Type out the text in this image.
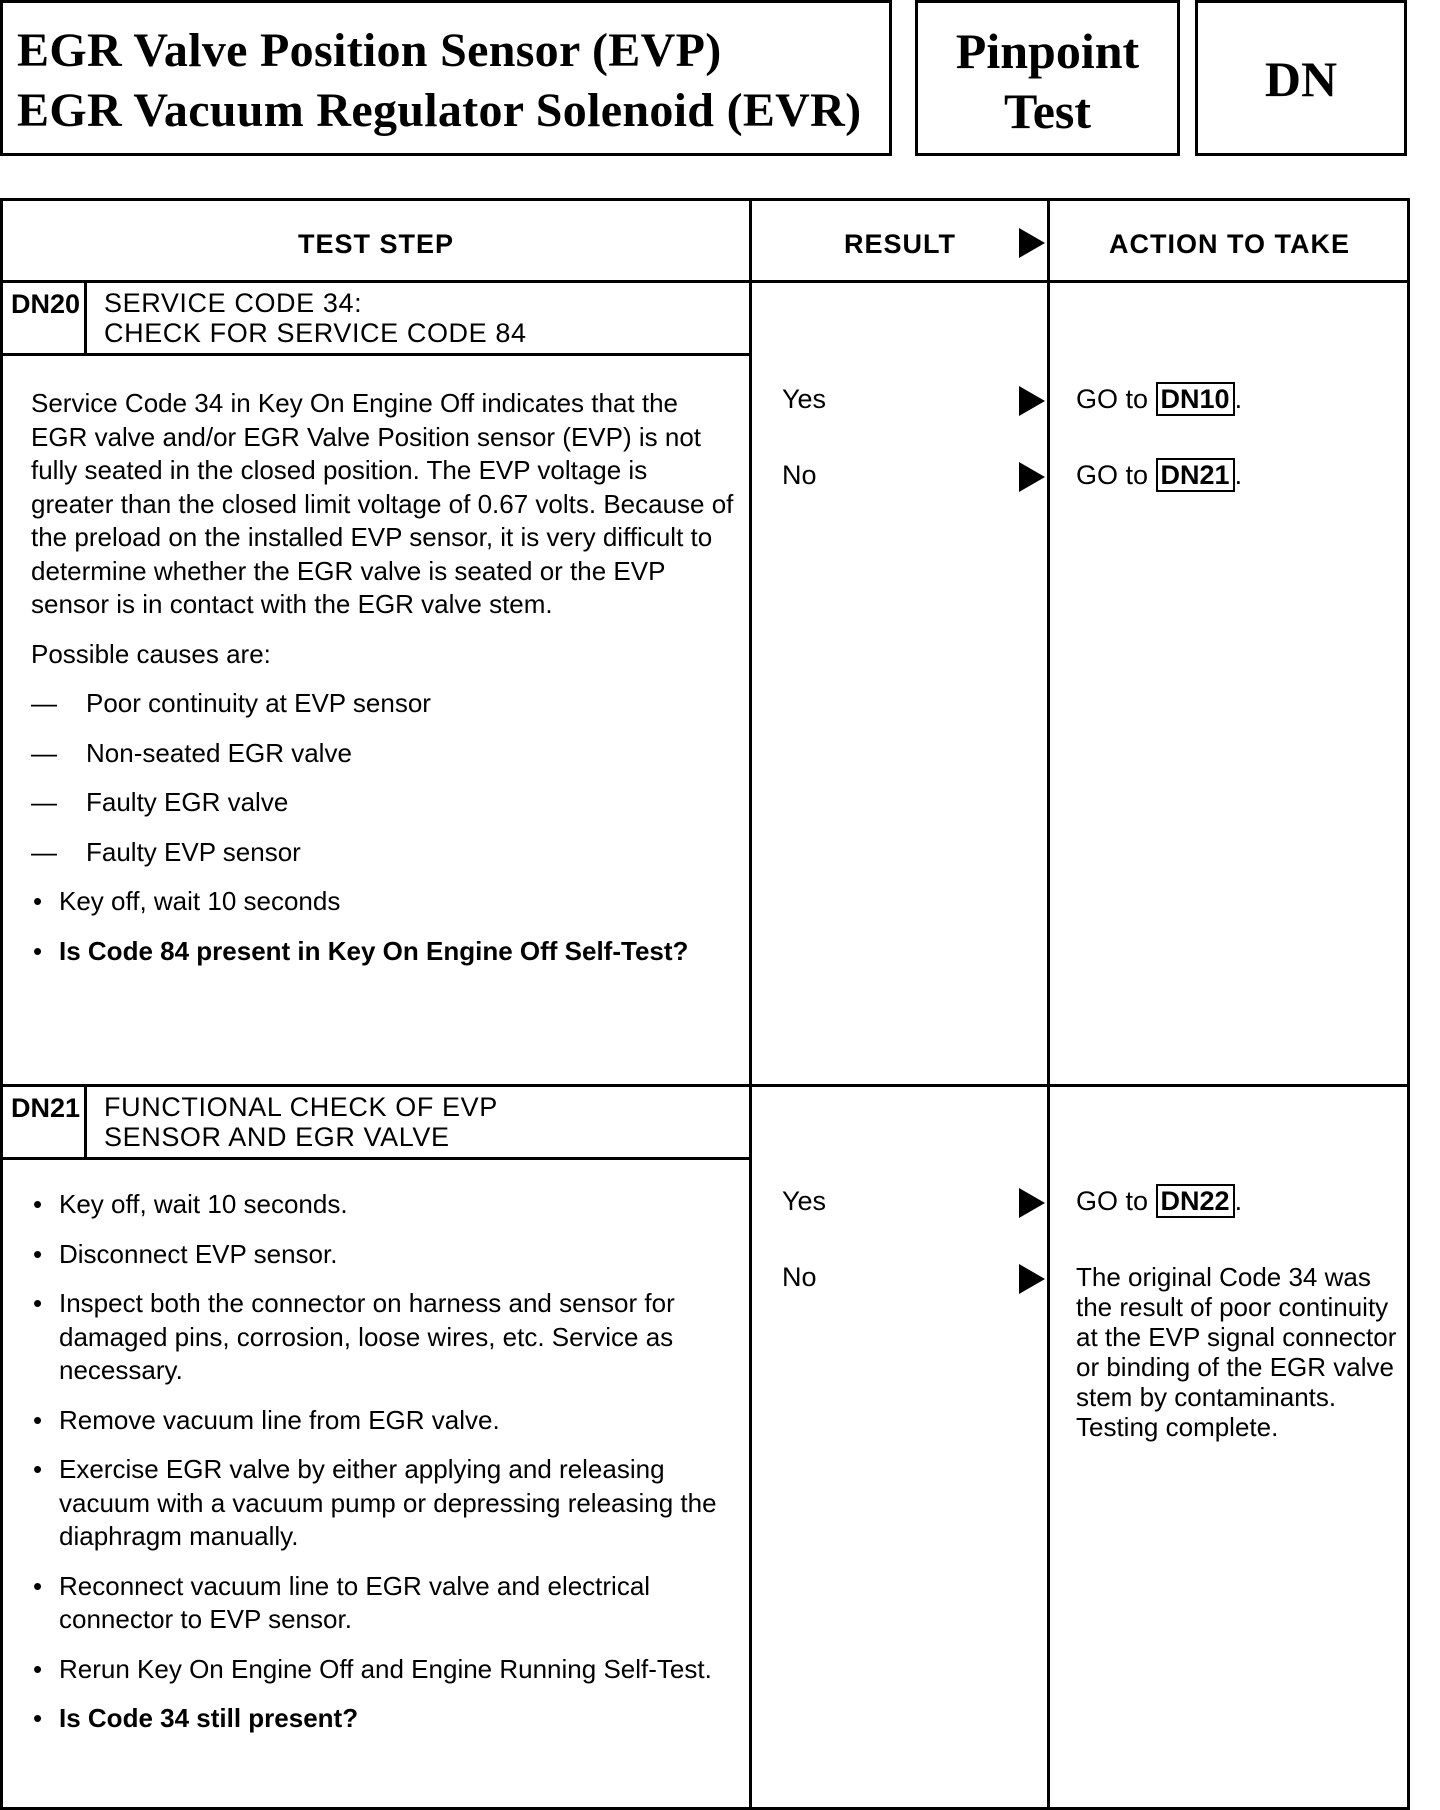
EGR Valve Position Sensor (EVP)
EGR Vacuum Regulator Solenoid (EVR)
Pinpoint
Test
DN
TEST STEP	RESULT	ACTION TO TAKE
DN20 SERVICE CODE 34:
CHECK FOR SERVICE CODE 84

Service Code 34 in Key On Engine Off indicates that the EGR valve and/or EGR Valve Position sensor (EVP) is not fully seated in the closed position. The EVP voltage is greater than the closed limit voltage of 0.67 volts. Because of the preload on the installed EVP sensor, it is very difficult to determine whether the EGR valve is seated or the EVP sensor is in contact with the EGR valve stem.

Possible causes are:

— Poor continuity at EVP sensor
— Non-seated EGR valve
— Faulty EGR valve
— Faulty EVP sensor
• Key off, wait 10 seconds
• Is Code 84 present in Key On Engine Off Self-Test?
Yes	GO to DN10 .
No	GO to DN21 .
DN21 FUNCTIONAL CHECK OF EVP
SENSOR AND EGR VALVE
• Key off, wait 10 seconds.
• Disconnect EVP sensor.
• Inspect both the connector on harness and sensor for damaged pins, corrosion, loose wires, etc. Service as necessary.
• Remove vacuum line from EGR valve.
• Exercise EGR valve by either applying and releasing vacuum with a vacuum pump or depressing releasing the diaphragm manually.
• Reconnect vacuum line to EGR valve and electrical connector to EVP sensor.
• Rerun Key On Engine Off and Engine Running Self-Test.
• Is Code 34 still present?
Yes	GO to DN22 .
No	The original Code 34 was the result of poor continuity at the EVP signal connector or binding of the EGR valve stem by contaminants. Testing complete.
